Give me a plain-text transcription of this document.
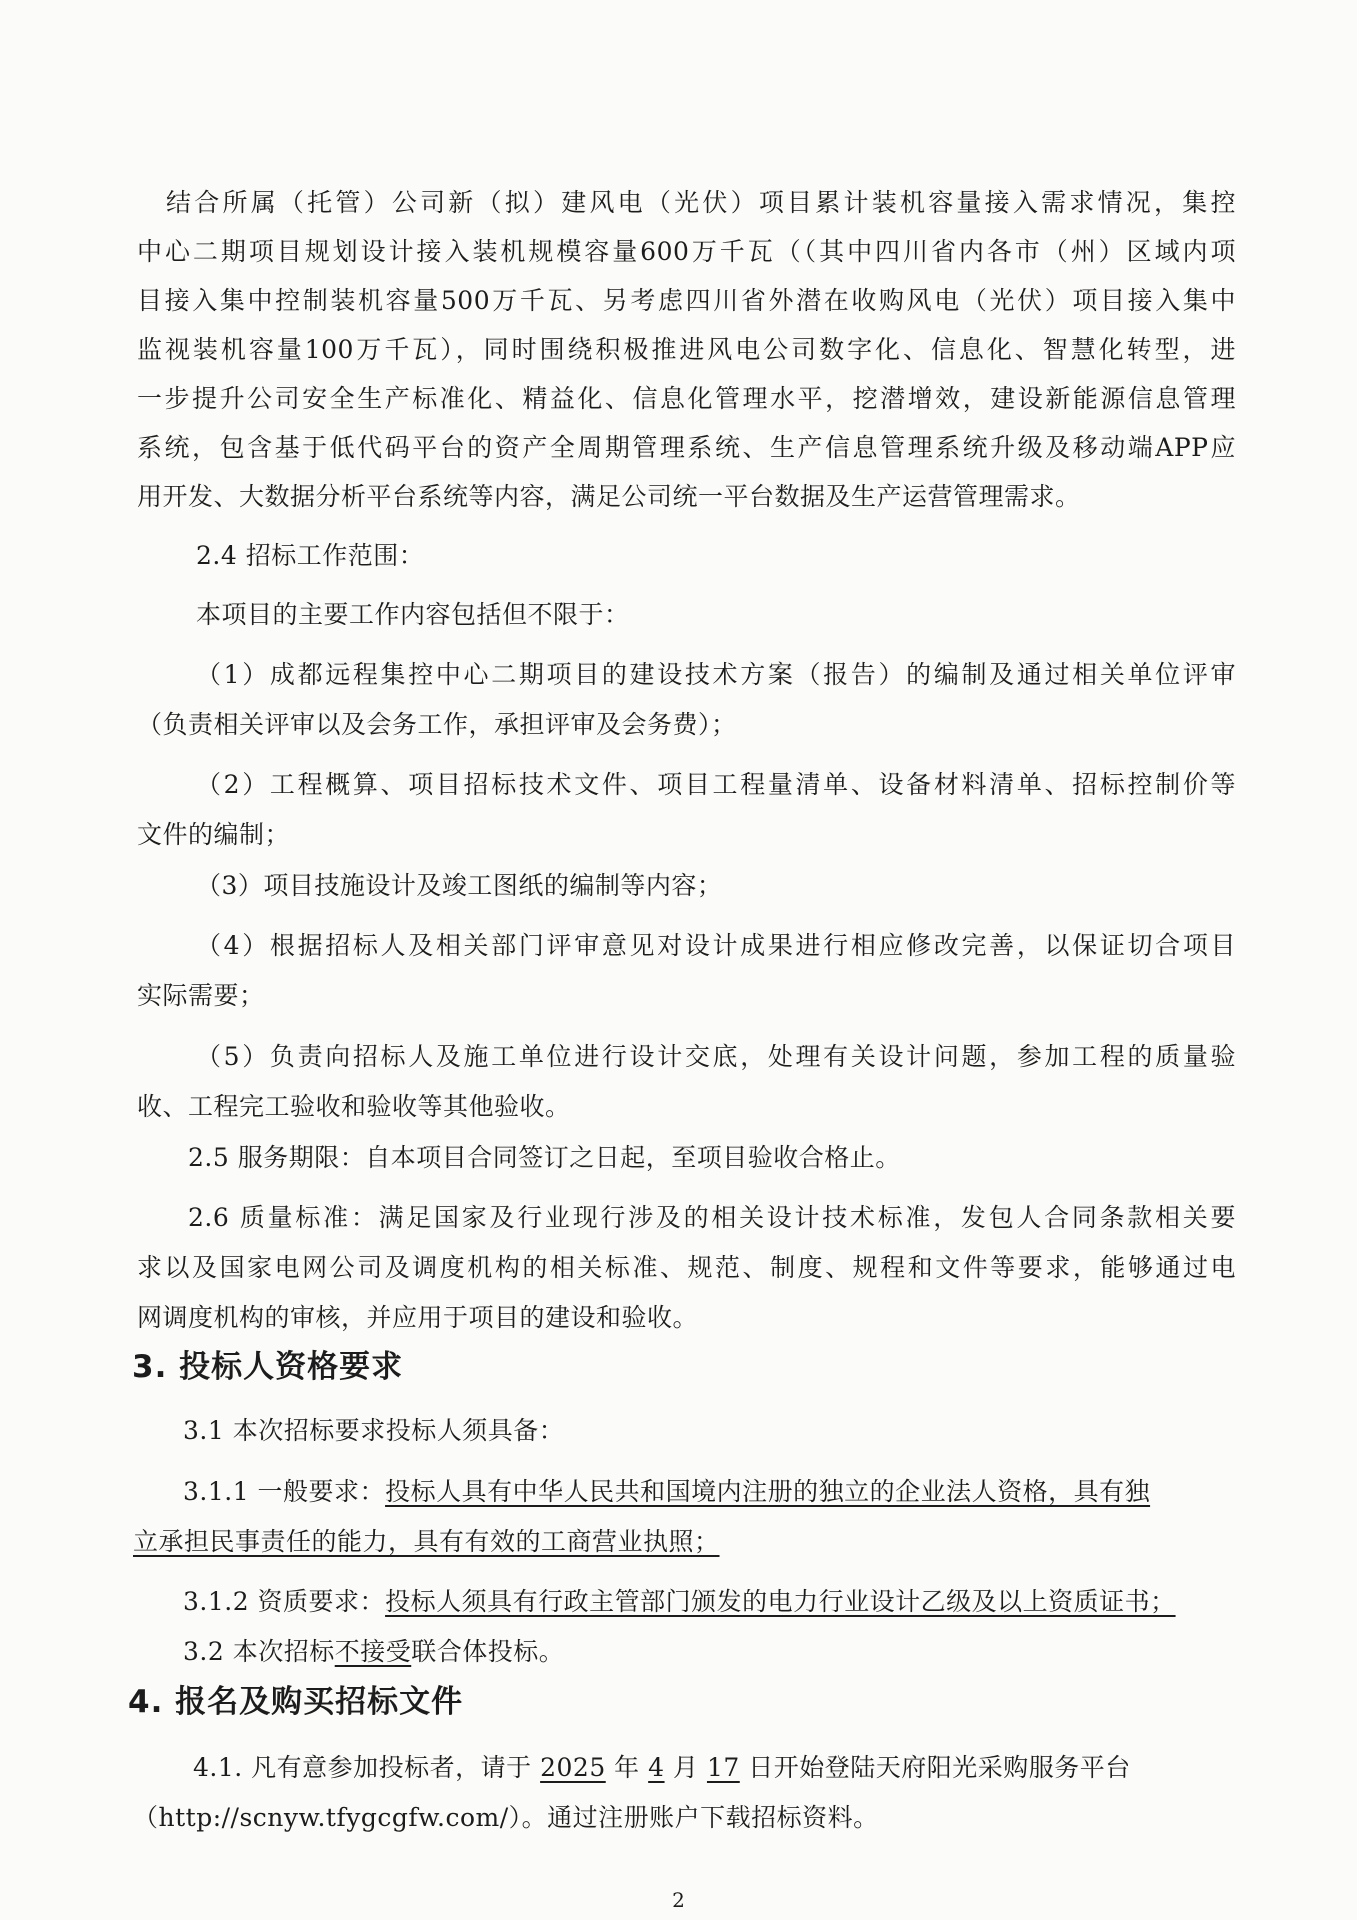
结合所属（托管）公司新（拟）建风电（光伏）项目累计装机容量接入需求情况，集控
中心二期项目规划设计接入装机规模容量600万千瓦（（其中四川省内各市（州）区域内项
目接入集中控制装机容量500万千瓦、另考虑四川省外潜在收购风电（光伏）项目接入集中
监视装机容量100万千瓦），同时围绕积极推进风电公司数字化、信息化、智慧化转型，进
一步提升公司安全生产标准化、精益化、信息化管理水平，挖潜增效，建设新能源信息管理
系统，包含基于低代码平台的资产全周期管理系统、生产信息管理系统升级及移动端APP应
用开发、大数据分析平台系统等内容，满足公司统一平台数据及生产运营管理需求。
2.4 招标工作范围：
本项目的主要工作内容包括但不限于：
（1）成都远程集控中心二期项目的建设技术方案（报告）的编制及通过相关单位评审
（负责相关评审以及会务工作，承担评审及会务费）；
（2）工程概算、项目招标技术文件、项目工程量清单、设备材料清单、招标控制价等
文件的编制；
（3）项目技施设计及竣工图纸的编制等内容；
（4）根据招标人及相关部门评审意见对设计成果进行相应修改完善，以保证切合项目
实际需要；
（5）负责向招标人及施工单位进行设计交底，处理有关设计问题，参加工程的质量验
收、工程完工验收和验收等其他验收。
2.5 服务期限：自本项目合同签订之日起，至项目验收合格止。
2.6 质量标准：满足国家及行业现行涉及的相关设计技术标准，发包人合同条款相关要
求以及国家电网公司及调度机构的相关标准、规范、制度、规程和文件等要求，能够通过电
网调度机构的审核，并应用于项目的建设和验收。
3. 投标人资格要求
3.1 本次招标要求投标人须具备：
3.1.1 一般要求：投标人具有中华人民共和国境内注册的独立的企业法人资格，具有独
立承担民事责任的能力，具有有效的工商营业执照；
3.1.2 资质要求：投标人须具有行政主管部门颁发的电力行业设计乙级及以上资质证书；
3.2 本次招标不接受联合体投标。
4. 报名及购买招标文件
4.1. 凡有意参加投标者，请于 2025 年 4 月 17 日开始登陆天府阳光采购服务平台
（http://scnyw.tfygcgfw.com/）。通过注册账户下载招标资料。
2
